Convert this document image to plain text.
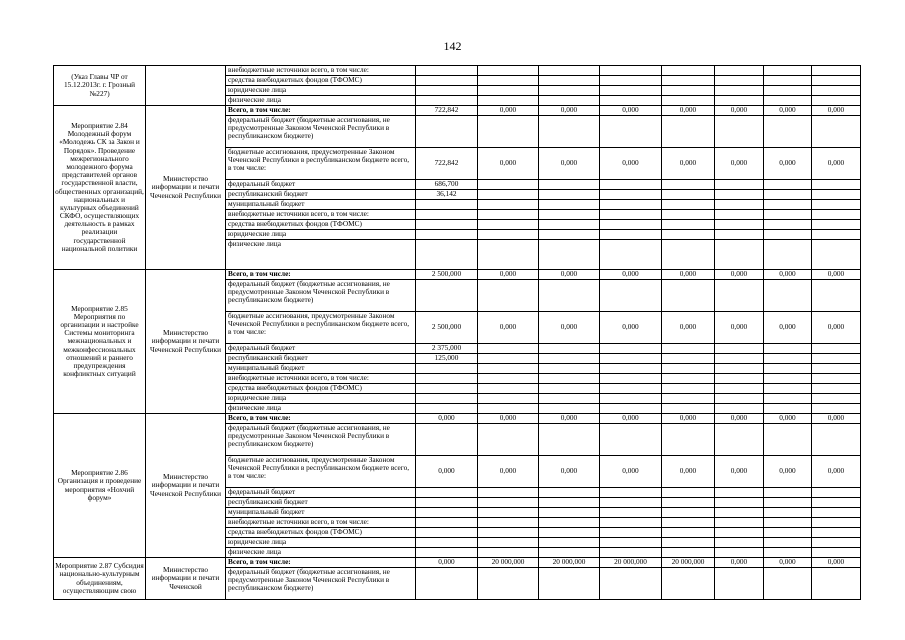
142
(Указ Главы ЧР от 15.12.2013г. г. Грозный №227)		внебюджетные источники всего, в том числе:								
		средства внебюджетных фондов (ТФОМС)								
		юридические лица								
		физические лица								
Мероприятие 2.84 Молодежный форум «Молодежь СК за Закон и Порядок». Проведение межрегионального молодежного форума представителей органов государственной власти, общественных организаций, национальных и культурных объединений СКФО, осуществляющих деятельность в рамках реализации государственной национальной политики	Министерство информации и печати Чеченской Республики	Всего, в том числе:	722,842	0,000	0,000	0,000	0,000	0,000	0,000	0,000
		федеральный бюджет (бюджетные ассигнования, не предусмотренные Законом Чеченской Республики в республиканском бюджете)								
		бюджетные ассигнования, предусмотренные Законом Чеченской Республики в республиканском бюджете всего, в том числе:	722,842	0,000	0,000	0,000	0,000	0,000	0,000	0,000
		федеральный бюджет	686,700							
		республиканский бюджет	36,142							
		муниципальный бюджет								
		внебюджетные источники всего, в том числе:								
		средства внебюджетных фондов (ТФОМС)								
		юридические лица								
		физические лица								
Мероприятие 2.85 Мероприятия по организации и настройке Системы мониторинга межнациональных и межконфессиональных отношений и раннего предупреждения конфликтных ситуаций	Министерство информации и печати Чеченской Республики	Всего, в том числе:	2 500,000	0,000	0,000	0,000	0,000	0,000	0,000	0,000
		федеральный бюджет (бюджетные ассигнования, не предусмотренные Законом Чеченской Республики в республиканском бюджете)								
		бюджетные ассигнования, предусмотренные Законом Чеченской Республики в республиканском бюджете всего, в том числе:	2 500,000	0,000	0,000	0,000	0,000	0,000	0,000	0,000
		федеральный бюджет	2 375,000							
		республиканский бюджет	125,000							
		муниципальный бюджет								
		внебюджетные источники всего, в том числе:								
		средства внебюджетных фондов (ТФОМС)								
		юридические лица								
		физические лица								
Мероприятие 2.86 Организация и проведение мероприятия «Нохчий форум»	Министерство информации и печати Чеченской Республики	Всего, в том числе:	0,000	0,000	0,000	0,000	0,000	0,000	0,000	0,000
		федеральный бюджет (бюджетные ассигнования, не предусмотренные Законом Чеченской Республики в республиканском бюджете)								
		бюджетные ассигнования, предусмотренные Законом Чеченской Республики в республиканском бюджете всего, в том числе:	0,000	0,000	0,000	0,000	0,000	0,000	0,000	0,000
		федеральный бюджет								
		республиканский бюджет								
		муниципальный бюджет								
		внебюджетные источники всего, в том числе:								
		средства внебюджетных фондов (ТФОМС)								
		юридические лица								
		физические лица								
Мероприятие 2.87 Субсидия национально-культурным объединениям, осуществляющим свою	Министерство информации и печати Чеченской	Всего, в том числе:	0,000	20 000,000	20 000,000	20 000,000	20 000,000	0,000	0,000	0,000
		федеральный бюджет (бюджетные ассигнования, не предусмотренные Законом Чеченской Республики в республиканском бюджете)								
